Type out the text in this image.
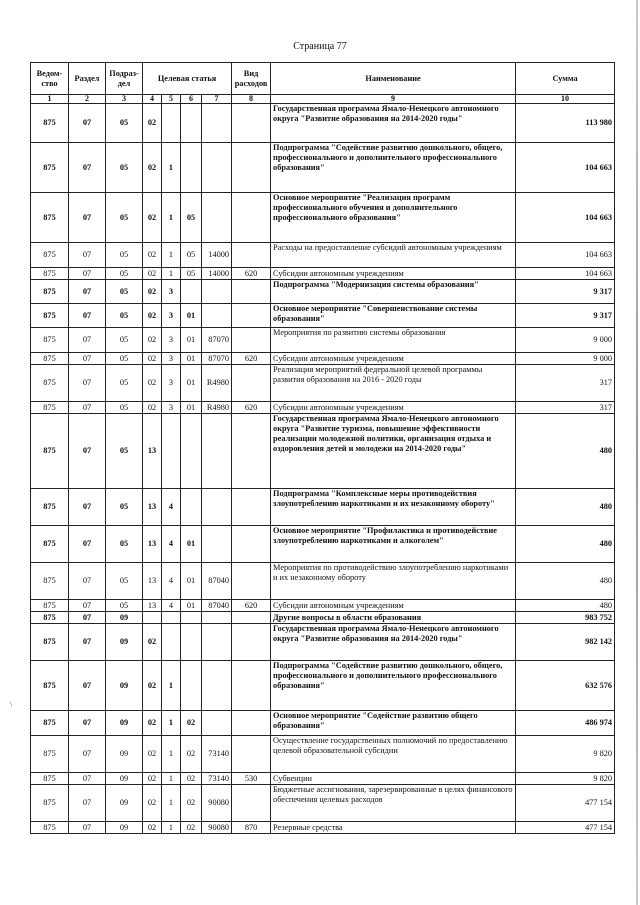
Страница 77
Ведом-ство	Раздел	Подраз-дел	Целевая статья				Вид расходов	Наименование	Сумма
1	2	3	4	5	6	7	8	9	10
875	07	05	02					Государственная программа Ямало-Ненецкого автономного округа "Развитие образования на 2014-2020 годы"	113 980
875	07	05	02	1				Подпрограмма "Содействие развитию дошкольного, общего, профессионального и дополнительного профессионального образования"	104 663
875	07	05	02	1	05			Основное мероприятие "Реализация программ профессионального обучения и дополнительного профессионального образования"	104 663
875	07	05	02	1	05	14000		Расходы на предоставление субсидий автономным учреждениям	104 663
875	07	05	02	1	05	14000	620	Субсидии автономным учреждениям	104 663
875	07	05	02	3				Подпрограмма "Модернизация системы образования"	9 317
875	07	05	02	3	01			Основное мероприятие "Совершенствование системы образования"	9 317
875	07	05	02	3	01	87070		Мероприятия по развитию системы образования	9 000
875	07	05	02	3	01	87070	620	Субсидии автономным учреждениям	9 000
875	07	05	02	3	01	R4980		Реализация мероприятий федеральной целевой программы развития образования на 2016 - 2020 годы	317
875	07	05	02	3	01	R4980	620	Субсидии автономным учреждениям	317
875	07	05	13					Государственная программа Ямало-Ненецкого автономного округа "Развитие туризма, повышение эффективности реализации молодежной политики, организация отдыха и оздоровления детей и молодежи на 2014-2020 годы"	480
875	07	05	13	4				Подпрограмма "Комплексные меры противодействия злоупотреблению наркотиками и их незаконному обороту"	480
875	07	05	13	4	01			Основное мероприятие "Профилактика и противодействие злоупотреблению наркотиками и алкоголем"	480
875	07	05	13	4	01	87040		Мероприятия по противодействию злоупотреблению наркотиками и их незаконному обороту	480
875	07	05	13	4	01	87040	620	Субсидии автономным учреждениям	480
875	07	09						Другие вопросы в области образования	983 752
875	07	09	02					Государственная программа Ямало-Ненецкого автономного округа "Развитие образования на 2014-2020 годы"	982 142
875	07	09	02	1				Подпрограмма "Содействие развитию дошкольного, общего, профессионального и дополнительного профессионального образования"	632 576
875	07	09	02	1	02			Основное мероприятие "Содействие развитию общего образования"	486 974
875	07	09	02	1	02	73140		Осуществление государственных полномочий по предоставлению целевой образовательной субсидии	9 820
875	07	09	02	1	02	73140	530	Субвенции	9 820
875	07	09	02	1	02	90080		Бюджетные ассигнования, зарезервированные в целях финансового обеспечения целевых расходов	477 154
875	07	09	02	1	02	90080	870	Резервные средства	477 154
\
